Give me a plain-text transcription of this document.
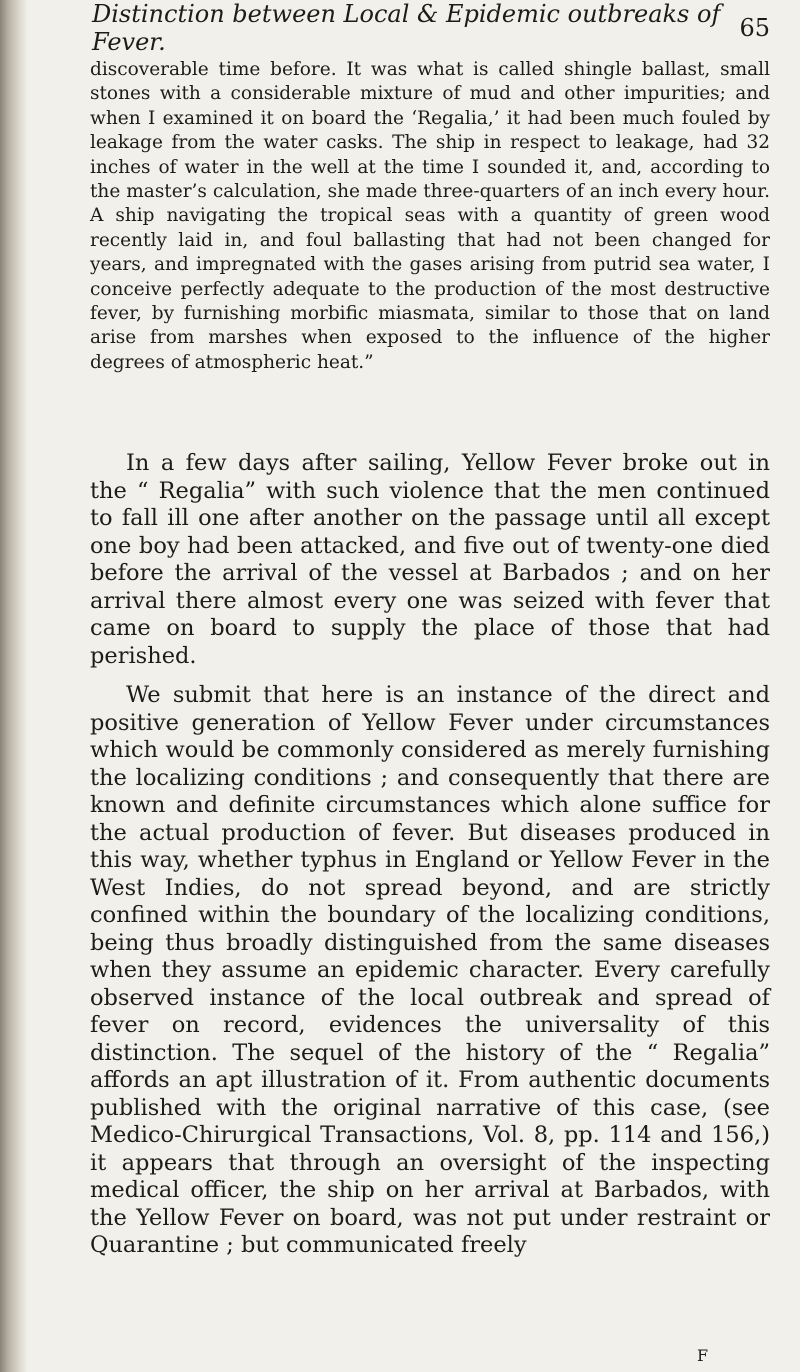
Distinction between Local & Epidemic outbreaks of Fever.	65

discoverable time before. It was what is called shingle ballast, small stones with a considerable mixture of mud and other impurities; and when I examined it on board the ‘Regalia,’ it had been much fouled by leakage from the water casks. The ship in respect to leakage, had 32 inches of water in the well at the time I sounded it, and, according to the master’s calculation, she made three-quarters of an inch every hour. A ship navigating the tropical seas with a quantity of green wood recently laid in, and foul ballasting that had not been changed for years, and impregnated with the gases arising from putrid sea water, I conceive perfectly adequate to the production of the most destructive fever, by furnishing morbific miasmata, similar to those that on land arise from marshes when exposed to the influence of the higher degrees of atmospheric heat.”

In a few days after sailing, Yellow Fever broke out in the “ Regalia” with such violence that the men continued to fall ill one after another on the passage until all except one boy had been attacked, and five out of twenty-one died before the arrival of the vessel at Barbados ; and on her arrival there almost every one was seized with fever that came on board to supply the place of those that had perished.

We submit that here is an instance of the direct and positive generation of Yellow Fever under circumstances which would be commonly considered as merely furnishing the localizing conditions ; and consequently that there are known and definite circumstances which alone suffice for the actual production of fever. But diseases produced in this way, whether typhus in England or Yellow Fever in the West Indies, do not spread beyond, and are strictly confined within the boundary of the localizing conditions, being thus broadly distinguished from the same diseases when they assume an epidemic character. Every carefully observed instance of the local outbreak and spread of fever on record, evidences the universality of this distinction. The sequel of the history of the “ Regalia” affords an apt illustration of it. From authentic documents published with the original narrative of this case, (see Medico-Chirurgical Transactions, Vol. 8, pp. 114 and 156,) it appears that through an oversight of the inspecting medical officer, the ship on her arrival at Barbados, with the Yellow Fever on board, was not put under restraint or Quarantine ; but communicated freely

F
